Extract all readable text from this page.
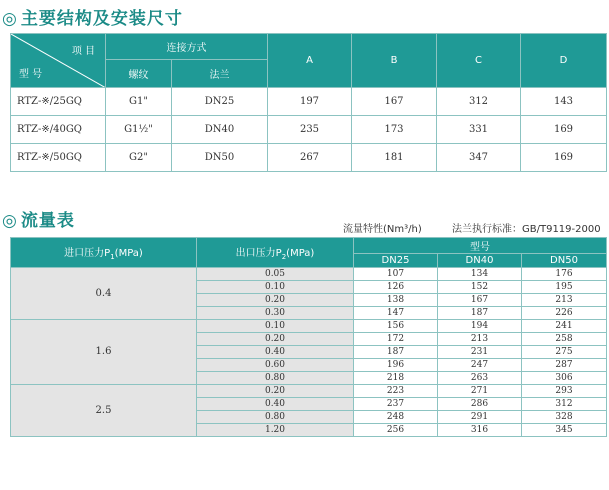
◎ 主要结构及安装尺寸
项 目
型 号	连接方式		A	B	C	D
	螺纹	法兰				
RTZ-※/25GQ	G1"	DN25	197	167	312	143
RTZ-※/40GQ	G1½"	DN40	235	173	331	169
RTZ-※/50GQ	G2"	DN50	267	181	347	169
◎ 流量表	流量特性(Nm³/h)	法兰执行标准：GB/T9119-2000
进口压力$P_1(MPa)$	出口压力$P_2(MPa)$	型号		
		DN25	DN40	DN50
0.4	0.05	107	134	176
	0.10	126	152	195
	0.20	138	167	213
	0.30	147	187	226
1.6	0.10	156	194	241
	0.20	172	213	258
	0.40	187	231	275
	0.60	196	247	287
	0.80	218	263	306
2.5	0.20	223	271	293
	0.40	237	286	312
	0.80	248	291	328
	1.20	256	316	345
